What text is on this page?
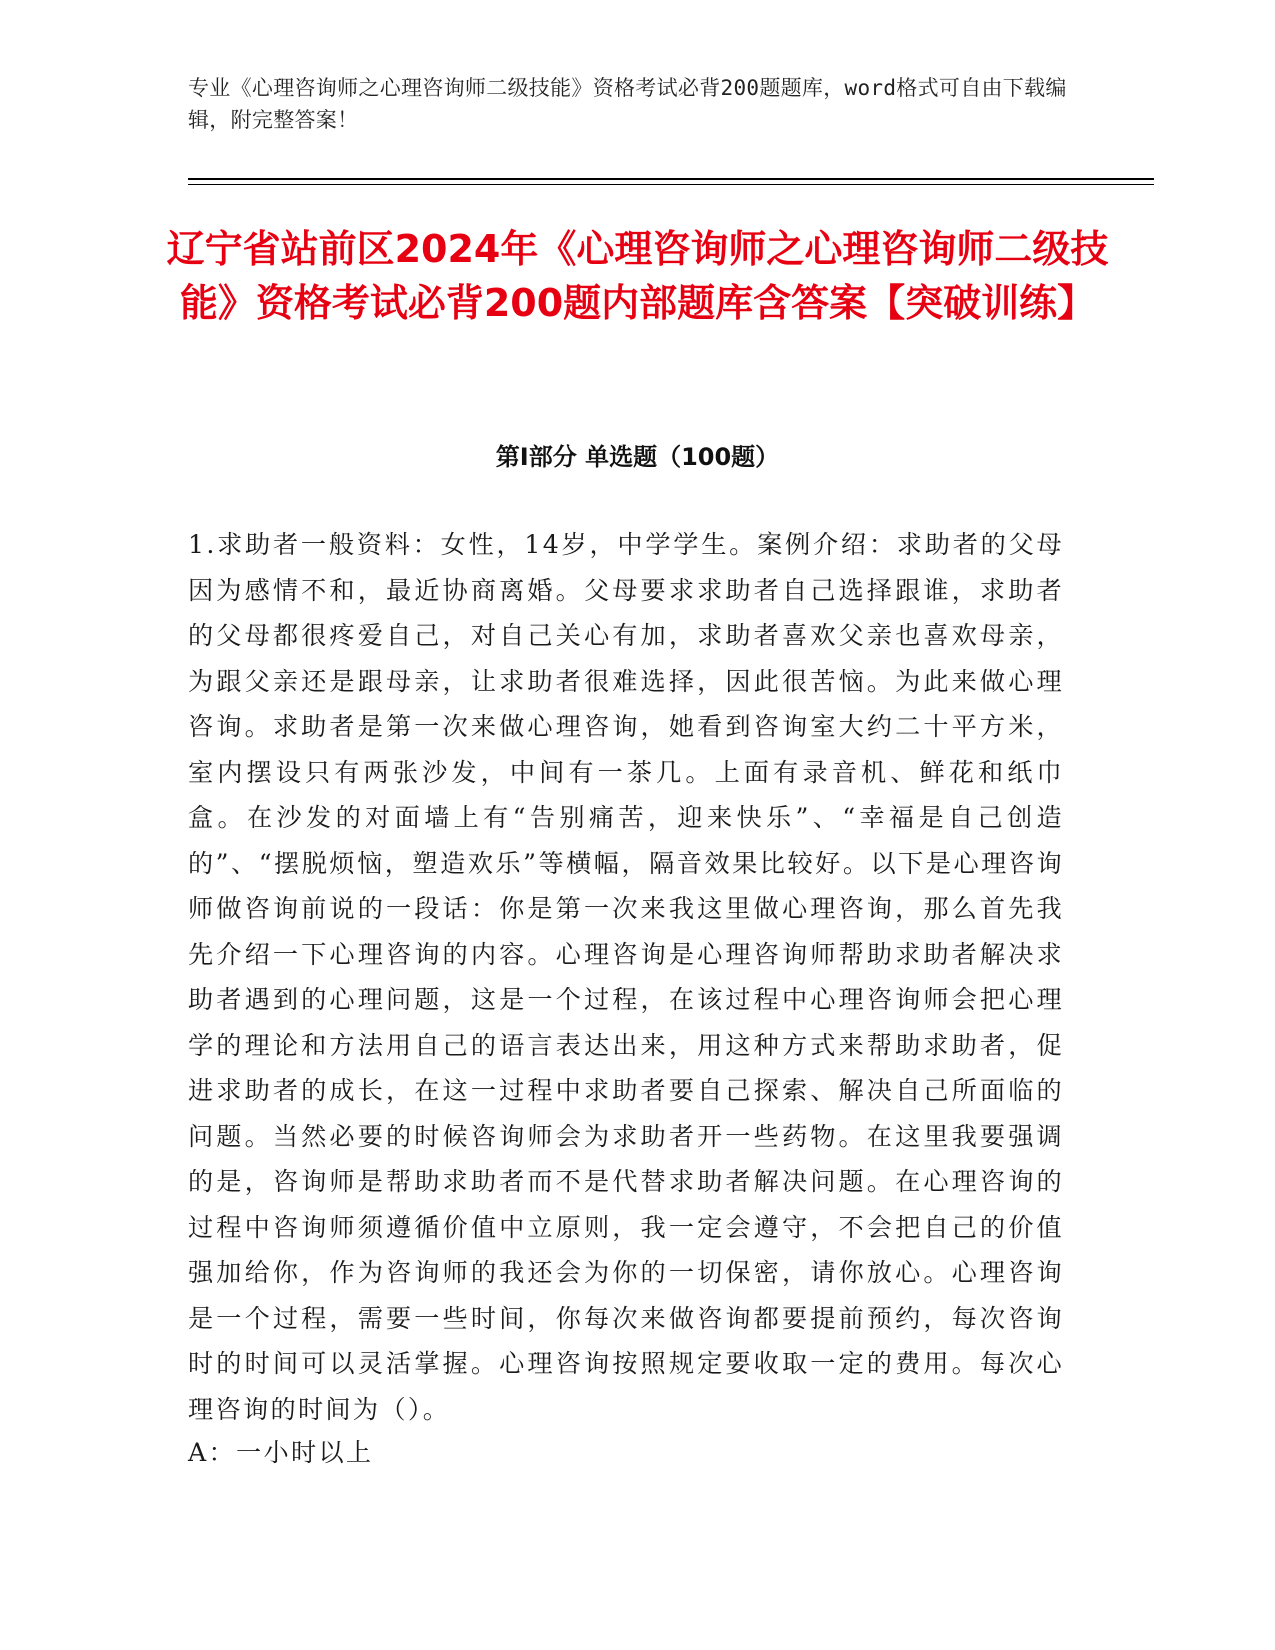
专业《心理咨询师之心理咨询师二级技能》资格考试必背200题题库，word格式可自由下载编辑，附完整答案！
辽宁省站前区2024年《心理咨询师之心理咨询师二级技能》资格考试必背200题内部题库含答案【突破训练】
第Ⅰ部分 单选题（100题）

1.求助者一般资料：女性，14岁，中学学生。案例介绍：求助者的父母因为感情不和，最近协商离婚。父母要求求助者自己选择跟谁，求助者的父母都很疼爱自己，对自己关心有加，求助者喜欢父亲也喜欢母亲，为跟父亲还是跟母亲，让求助者很难选择，因此很苦恼。为此来做心理咨询。求助者是第一次来做心理咨询，她看到咨询室大约二十平方米，室内摆设只有两张沙发，中间有一茶几。上面有录音机、鲜花和纸巾盒。在沙发的对面墙上有“告别痛苦，迎来快乐”、“幸福是自己创造的”、“摆脱烦恼，塑造欢乐”等横幅，隔音效果比较好。以下是心理咨询师做咨询前说的一段话：你是第一次来我这里做心理咨询，那么首先我先介绍一下心理咨询的内容。心理咨询是心理咨询师帮助求助者解决求助者遇到的心理问题，这是一个过程，在该过程中心理咨询师会把心理学的理论和方法用自己的语言表达出来，用这种方式来帮助求助者，促进求助者的成长，在这一过程中求助者要自己探索、解决自己所面临的问题。当然必要的时候咨询师会为求助者开一些药物。在这里我要强调的是，咨询师是帮助求助者而不是代替求助者解决问题。在心理咨询的过程中咨询师须遵循价值中立原则，我一定会遵守，不会把自己的价值强加给你，作为咨询师的我还会为你的一切保密，请你放心。心理咨询是一个过程，需要一些时间，你每次来做咨询都要提前预约，每次咨询时的时间可以灵活掌握。心理咨询按照规定要收取一定的费用。每次心理咨询的时间为（）。

A：一小时以上
